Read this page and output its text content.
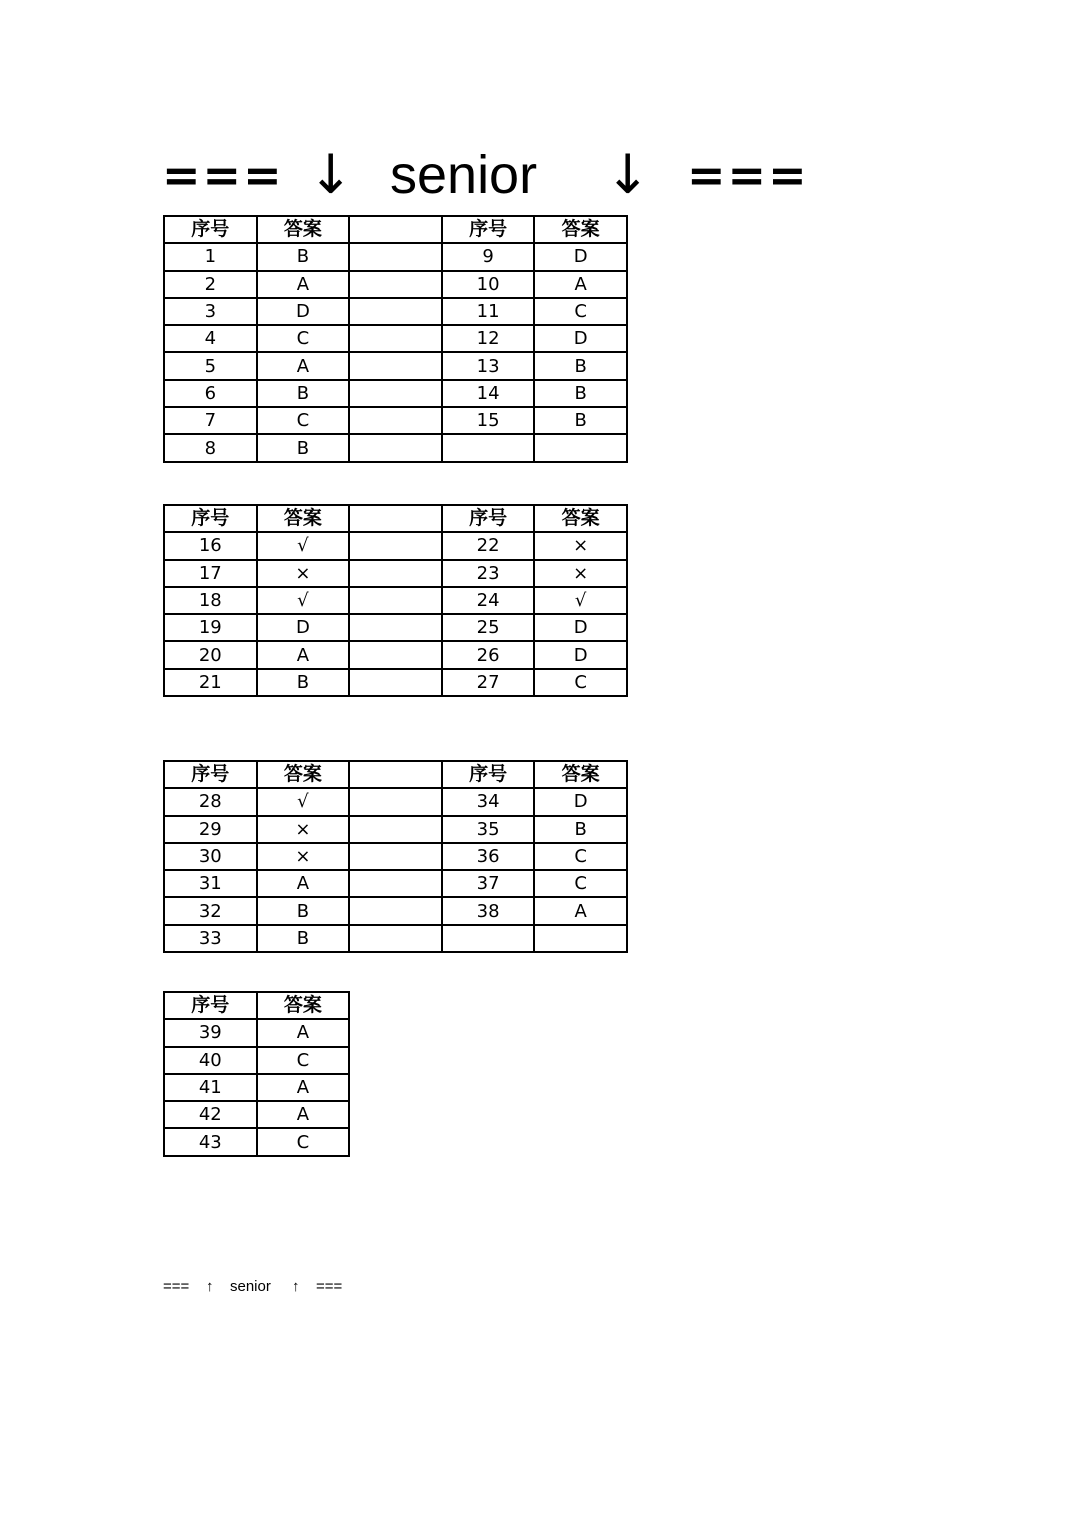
=== ↓ senior ↓ ===
序号	答案		序号	答案
1	B		9	D
2	A		10	A
3	D		11	C
4	C		12	D
5	A		13	B
6	B		14	B
7	C		15	B
8	B			
序号	答案		序号	答案
16	√		22	×
17	×		23	×
18	√		24	√
19	D		25	D
20	A		26	D
21	B		27	C
序号	答案		序号	答案
28	√		34	D
29	×		35	B
30	×		36	C
31	A		37	C
32	B		38	A
33	B			
序号	答案
39	A
40	C
41	A
42	A
43	C
=== ↑ senior ↑ ===
